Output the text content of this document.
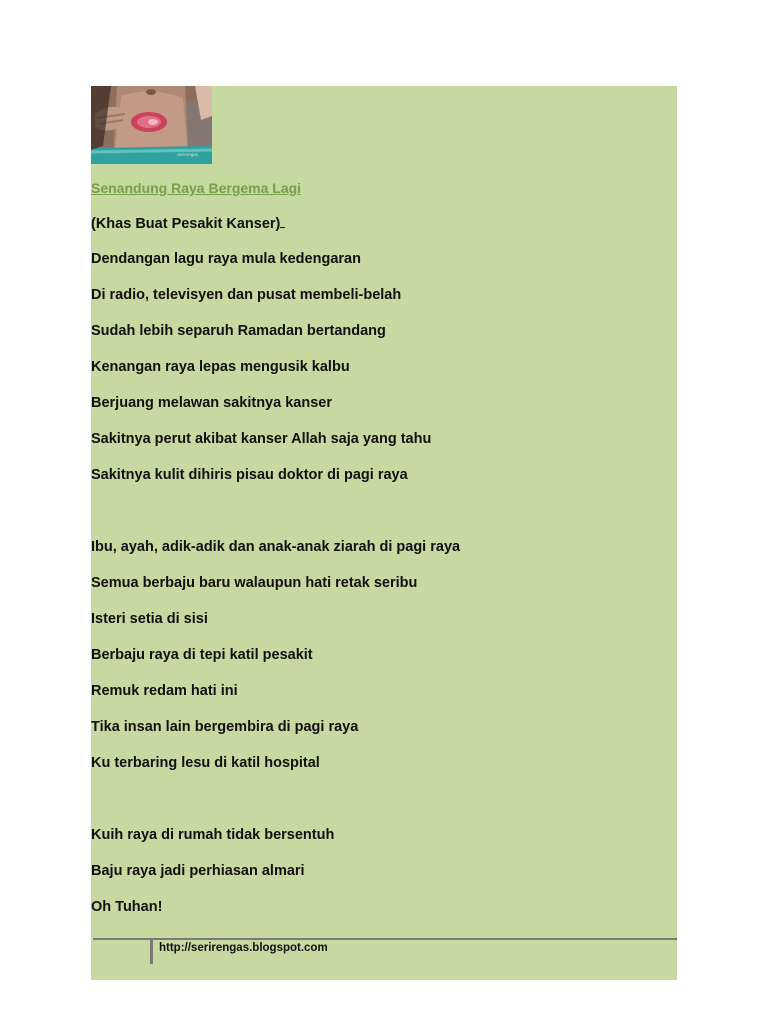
serirengas
Senandung Raya Bergema Lagi
(Khas Buat Pesakit Kanser)
Dendangan lagu raya mula kedengaran
Di radio, televisyen dan pusat membeli-belah
Sudah lebih separuh Ramadan bertandang
Kenangan raya lepas mengusik kalbu
Berjuang melawan sakitnya kanser
Sakitnya perut akibat kanser Allah saja yang tahu
Sakitnya kulit dihiris pisau doktor di pagi raya
Ibu, ayah, adik-adik dan anak-anak ziarah di pagi raya
Semua berbaju baru walaupun hati retak seribu
Isteri setia di sisi
Berbaju raya di tepi katil pesakit
Remuk redam hati ini
Tika insan lain bergembira di pagi raya
Ku terbaring lesu di katil hospital
Kuih raya di rumah tidak bersentuh
Baju raya jadi perhiasan almari
Oh Tuhan!
http://serirengas.blogspot.com
